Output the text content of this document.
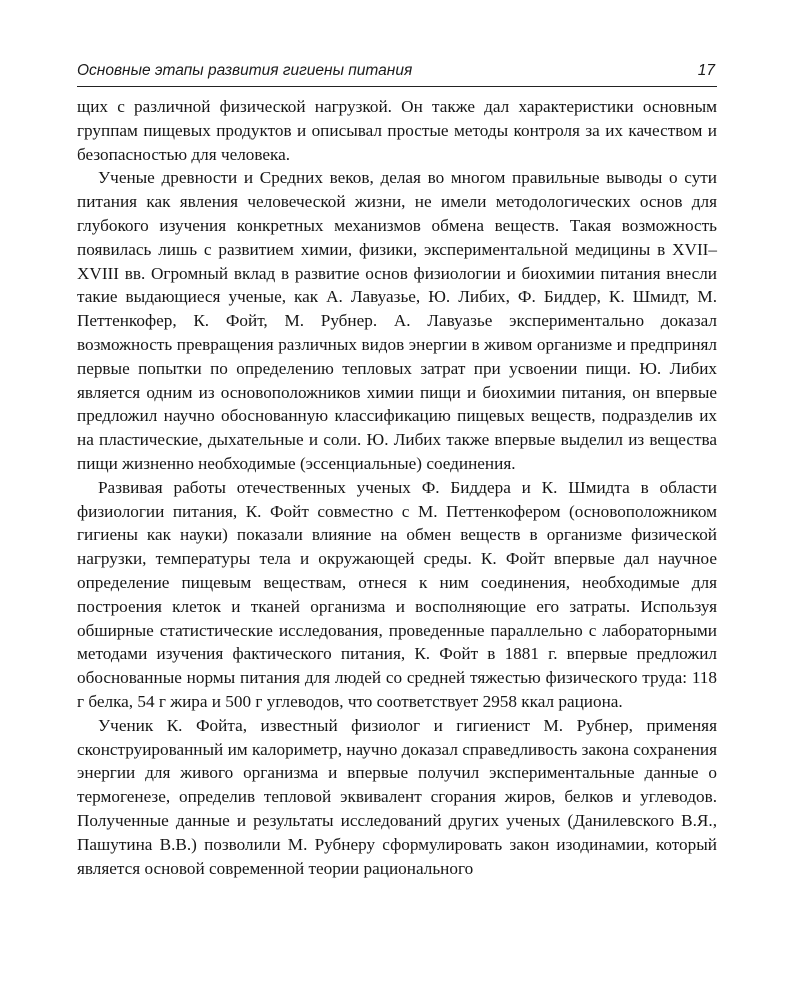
Основные этапы развития гигиены питания	17

щих с различной физической нагрузкой. Он также дал характеристики основным группам пищевых продуктов и описывал простые методы контроля за их качеством и безопасностью для человека.

Ученые древности и Средних веков, делая во многом правильные выводы о сути питания как явления человеческой жизни, не имели методологических основ для глубокого изучения конкретных механизмов обмена веществ. Такая возможность появилась лишь с развитием химии, физики, экспериментальной медицины в XVII–XVIII вв. Огромный вклад в развитие основ физиологии и биохимии питания внесли такие выдающиеся ученые, как А. Лавуазье, Ю. Либих, Ф. Биддер, К. Шмидт, М. Петтенкофер, К. Фойт, М. Рубнер. А. Лавуазье экспериментально доказал возможность превращения различных видов энергии в живом организме и предпринял первые попытки по определению тепловых затрат при усвоении пищи. Ю. Либих является одним из основоположников химии пищи и биохимии питания, он впервые предложил научно обоснованную классификацию пищевых веществ, подразделив их на пластические, дыхательные и соли. Ю. Либих также впервые выделил из вещества пищи жизненно необходимые (эссенциальные) соединения.

Развивая работы отечественных ученых Ф. Биддера и К. Шмидта в области физиологии питания, К. Фойт совместно с М. Петтенкофером (основоположником гигиены как науки) показали влияние на обмен веществ в организме физической нагрузки, температуры тела и окружающей среды. К. Фойт впервые дал научное определение пищевым веществам, отнеся к ним соединения, необходимые для построения клеток и тканей организма и восполняющие его затраты. Используя обширные статистические исследования, проведенные параллельно с лабораторными методами изучения фактического питания, К. Фойт в 1881 г. впервые предложил обоснованные нормы питания для людей со средней тяжестью физического труда: 118 г белка, 54 г жира и 500 г углеводов, что соответствует 2958 ккал рациона.

Ученик К. Фойта, известный физиолог и гигиенист М. Рубнер, применяя сконструированный им калориметр, научно доказал справедливость закона сохранения энергии для живого организма и впервые получил экспериментальные данные о термогенезе, определив тепловой эквивалент сгорания жиров, белков и углеводов. Полученные данные и результаты исследований других ученых (Данилевского В.Я., Пашутина В.В.) позволили М. Рубнеру сформулировать закон изодинамии, который является основой современной теории рационального
